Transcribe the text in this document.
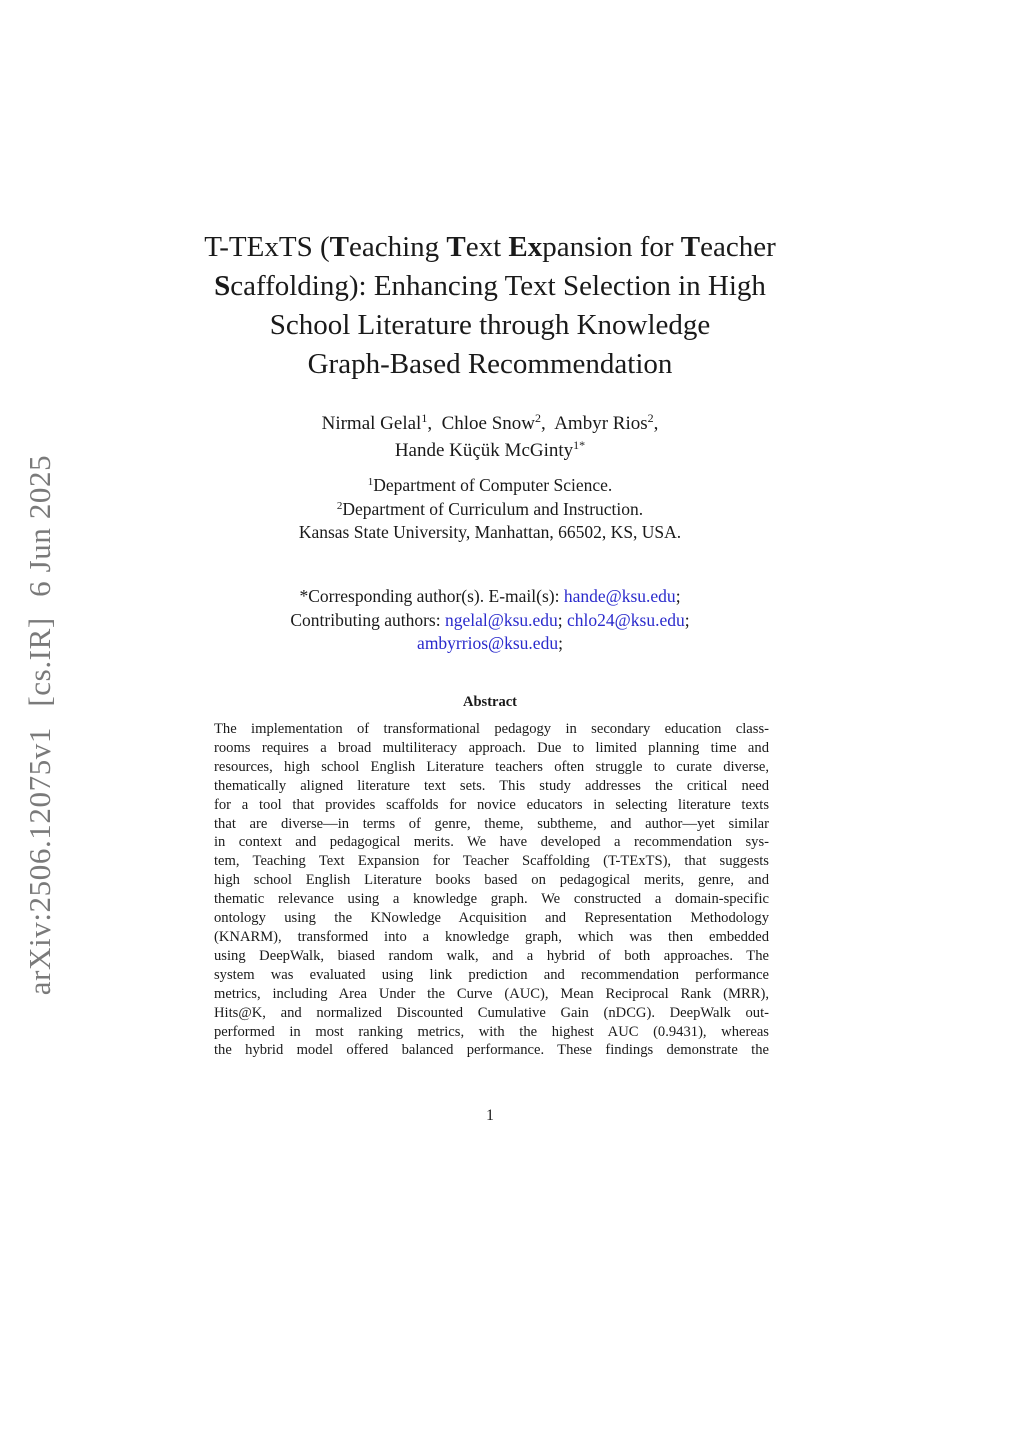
arXiv:2506.12075v1 [cs.IR] 6 Jun 2025
T-TExTS (Teaching Text Expansion for Teacher
Scaffolding): Enhancing Text Selection in High
School Literature through Knowledge
Graph-Based Recommendation
Nirmal Gelal$^1$,  Chloe Snow$^2$,  Ambyr Rios$^2$,
Hande Küçük McGinty$^{1*}$
$^1$Department of Computer Science.
$^2$Department of Curriculum and Instruction.
Kansas State University, Manhattan, 66502, KS, USA.
*Corresponding author(s). E-mail(s): hande@ksu.edu;
Contributing authors: ngelal@ksu.edu; chlo24@ksu.edu;
ambyrrios@ksu.edu;
Abstract
The implementation of transformational pedagogy in secondary education class-
rooms requires a broad multiliteracy approach. Due to limited planning time and
resources, high school English Literature teachers often struggle to curate diverse,
thematically aligned literature text sets. This study addresses the critical need
for a tool that provides scaffolds for novice educators in selecting literature texts
that are diverse—in terms of genre, theme, subtheme, and author—yet similar
in context and pedagogical merits. We have developed a recommendation sys-
tem, Teaching Text Expansion for Teacher Scaffolding (T-TExTS), that suggests
high school English Literature books based on pedagogical merits, genre, and
thematic relevance using a knowledge graph. We constructed a domain-specific
ontology using the KNowledge Acquisition and Representation Methodology
(KNARM), transformed into a knowledge graph, which was then embedded
using DeepWalk, biased random walk, and a hybrid of both approaches. The
system was evaluated using link prediction and recommendation performance
metrics, including Area Under the Curve (AUC), Mean Reciprocal Rank (MRR),
Hits@K, and normalized Discounted Cumulative Gain (nDCG). DeepWalk out-
performed in most ranking metrics, with the highest AUC (0.9431), whereas
the hybrid model offered balanced performance. These findings demonstrate the
1
